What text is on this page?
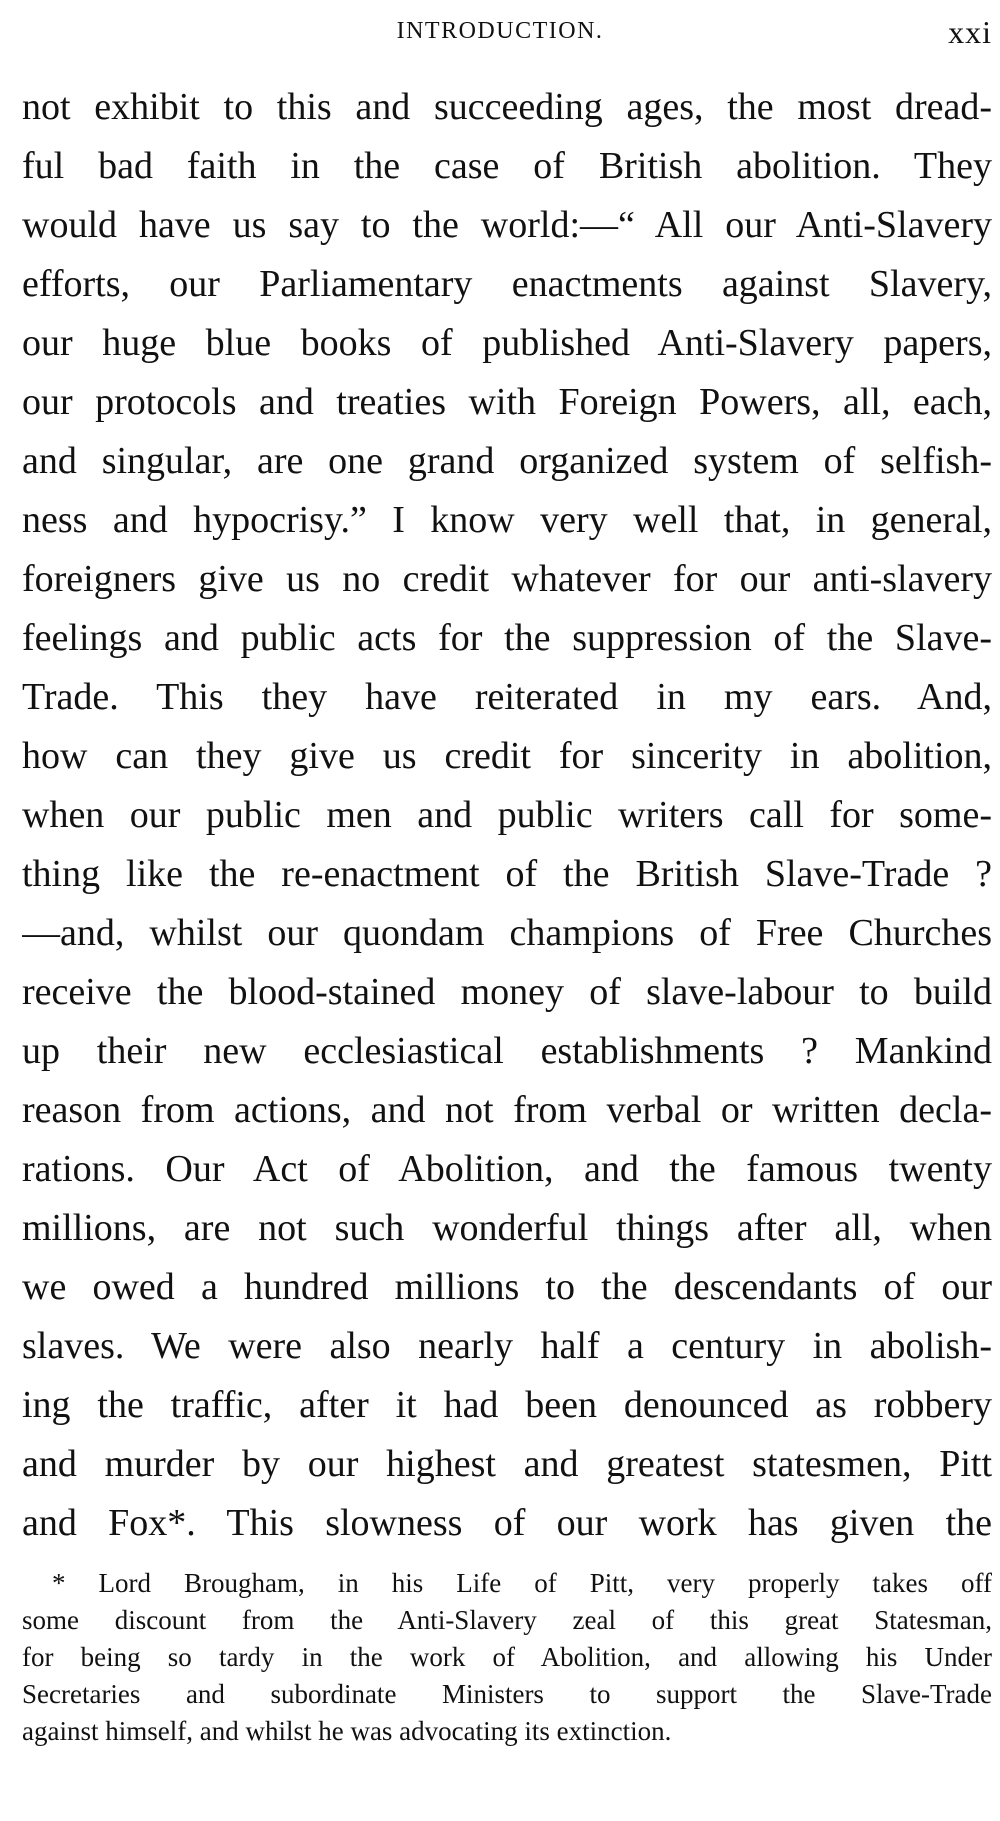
INTRODUCTION.	xxi
not exhibit to this and succeeding ages, the most dread-
ful bad faith in the case of British abolition. They
would have us say to the world:—“ All our Anti-Slavery
efforts, our Parliamentary enactments against Slavery,
our huge blue books of published Anti-Slavery papers,
our protocols and treaties with Foreign Powers, all, each,
and singular, are one grand organized system of selfish-
ness and hypocrisy.” I know very well that, in general,
foreigners give us no credit whatever for our anti-slavery
feelings and public acts for the suppression of the Slave-
Trade. This they have reiterated in my ears. And,
how can they give us credit for sincerity in abolition,
when our public men and public writers call for some-
thing like the re-enactment of the British Slave-Trade ?
—and, whilst our quondam champions of Free Churches
receive the blood-stained money of slave-labour to build
up their new ecclesiastical establishments ? Mankind
reason from actions, and not from verbal or written decla-
rations. Our Act of Abolition, and the famous twenty
millions, are not such wonderful things after all, when
we owed a hundred millions to the descendants of our
slaves. We were also nearly half a century in abolish-
ing the traffic, after it had been denounced as robbery
and murder by our highest and greatest statesmen, Pitt
and Fox*. This slowness of our work has given the
* Lord Brougham, in his Life of Pitt, very properly takes off
some discount from the Anti-Slavery zeal of this great Statesman,
for being so tardy in the work of Abolition, and allowing his Under
Secretaries and subordinate Ministers to support the Slave-Trade
against himself, and whilst he was advocating its extinction.
